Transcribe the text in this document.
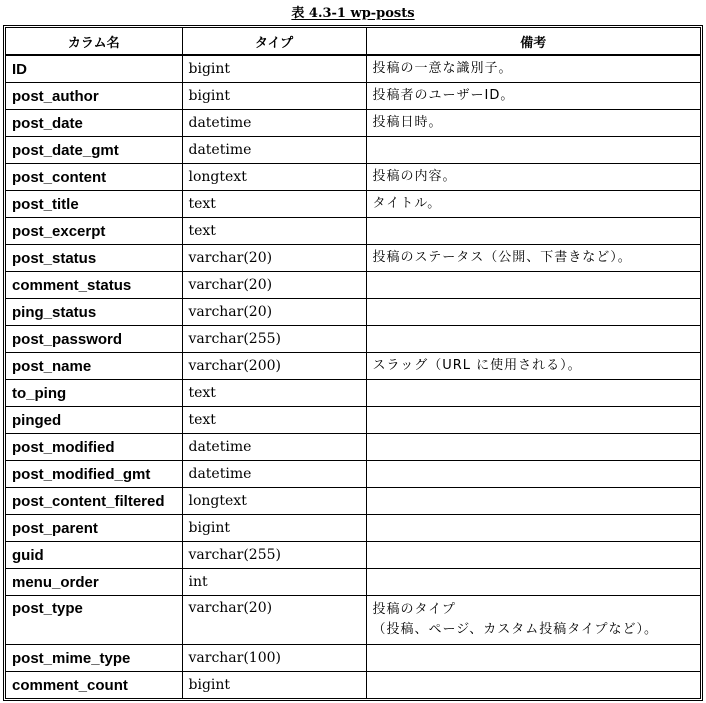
表 4.3-1 wp-posts
カラム名	タイプ	備考
ID	bigint	投稿の一意な識別子。

post_author	bigint	投稿者のユーザーID。

post_date	datetime	投稿日時。

post_date_gmt	datetime	
post_content	longtext	投稿の内容。

post_title	text	タイトル。

post_excerpt	text	
post_status	varchar(20)	投稿のステータス（公開、下書きなど）。

comment_status	varchar(20)	
ping_status	varchar(20)	
post_password	varchar(255)	
post_name	varchar(200)	スラッグ（URL に使用される）。

to_ping	text	
pinged	text	
post_modified	datetime	
post_modified_gmt	datetime	
post_content_filtered	longtext	
post_parent	bigint	
guid	varchar(255)	
menu_order	int	
post_type	varchar(20)	投稿のタイプ
（投稿、ページ、カスタム投稿タイプなど）。

post_mime_type	varchar(100)	
comment_count	bigint	
